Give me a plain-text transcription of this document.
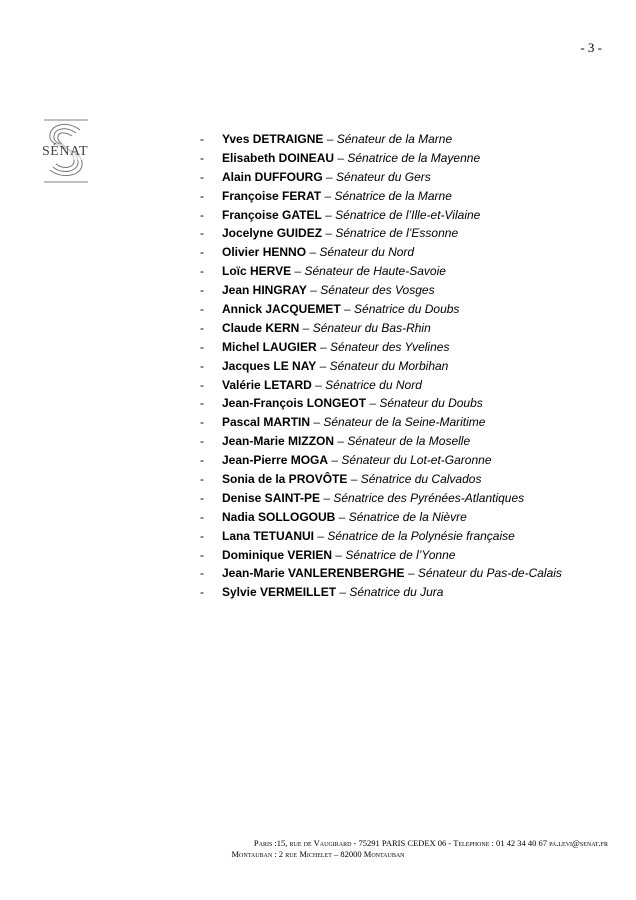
- 3 -
SÉNAT
- Yves DETRAIGNE – Sénateur de la Marne
- Elisabeth DOINEAU – Sénatrice de la Mayenne
- Alain DUFFOURG – Sénateur du Gers
- Françoise FERAT – Sénatrice de la Marne
- Françoise GATEL – Sénatrice de l’Ille-et-Vilaine
- Jocelyne GUIDEZ – Sénatrice de l’Essonne
- Olivier HENNO – Sénateur du Nord
- Loïc HERVE – Sénateur de Haute-Savoie
- Jean HINGRAY – Sénateur des Vosges
- Annick JACQUEMET – Sénatrice du Doubs
- Claude KERN – Sénateur du Bas-Rhin
- Michel LAUGIER – Sénateur des Yvelines
- Jacques LE NAY – Sénateur du Morbihan
- Valérie LETARD – Sénatrice du Nord
- Jean-François LONGEOT – Sénateur du Doubs
- Pascal MARTIN – Sénateur de la Seine-Maritime
- Jean-Marie MIZZON – Sénateur de la Moselle
- Jean-Pierre MOGA – Sénateur du Lot-et-Garonne
- Sonia de la PROVÔTE – Sénatrice du Calvados
- Denise SAINT-PE – Sénatrice des Pyrénées-Atlantiques
- Nadia SOLLOGOUB – Sénatrice de la Nièvre
- Lana TETUANUI – Sénatrice de la Polynésie française
- Dominique VERIEN – Sénatrice de l’Yonne
- Jean-Marie VANLERENBERGHE – Sénateur du Pas-de-Calais
- Sylvie VERMEILLET – Sénatrice du Jura
Paris :15, rue de Vaugirard - 75291 PARIS CEDEX 06 - Telephone : 01 42 34 40 67 pa.levi@senat.fr
Montauban : 2 rue Michelet – 82000 Montauban
